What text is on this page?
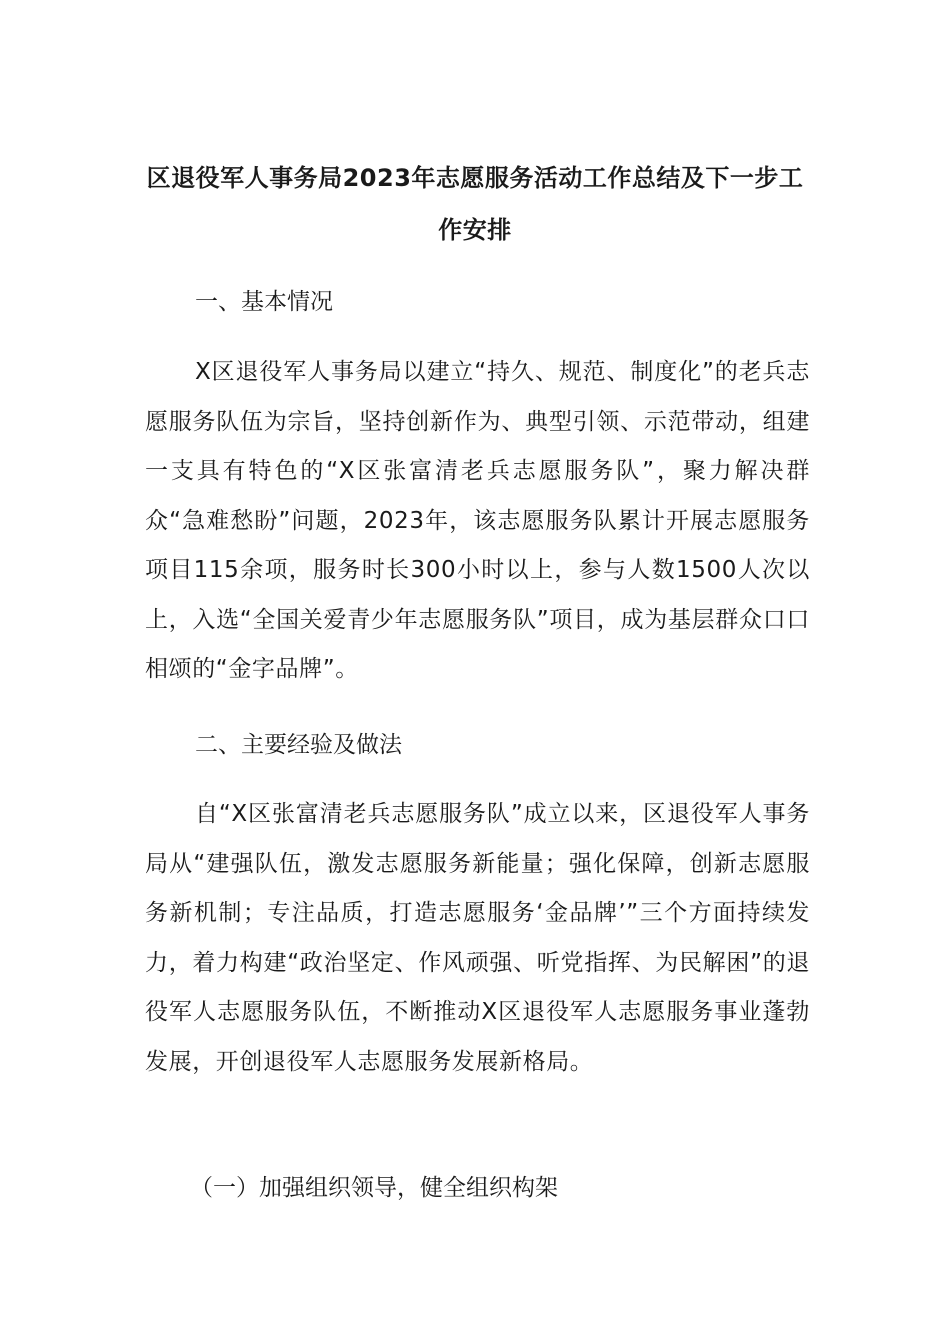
区退役军人事务局2023年志愿服务活动工作总结及下一步工作安排
一、基本情况

X区退役军人事务局以建立“持久、规范、制度化”的老兵志愿服务队伍为宗旨，坚持创新作为、典型引领、示范带动，组建一支具有特色的“X区张富清老兵志愿服务队”，聚力解决群众“急难愁盼”问题，2023年，该志愿服务队累计开展志愿服务项目115余项，服务时长300小时以上，参与人数1500人次以上，入选“全国关爱青少年志愿服务队”项目，成为基层群众口口相颂的“金字品牌”。

二、主要经验及做法

自“X区张富清老兵志愿服务队”成立以来，区退役军人事务局从“建强队伍，激发志愿服务新能量；强化保障，创新志愿服务新机制；专注品质，打造志愿服务‘金品牌’”三个方面持续发力，着力构建“政治坚定、作风顽强、听党指挥、为民解困”的退役军人志愿服务队伍，不断推动X区退役军人志愿服务事业蓬勃发展，开创退役军人志愿服务发展新格局。

（一）加强组织领导，健全组织构架
